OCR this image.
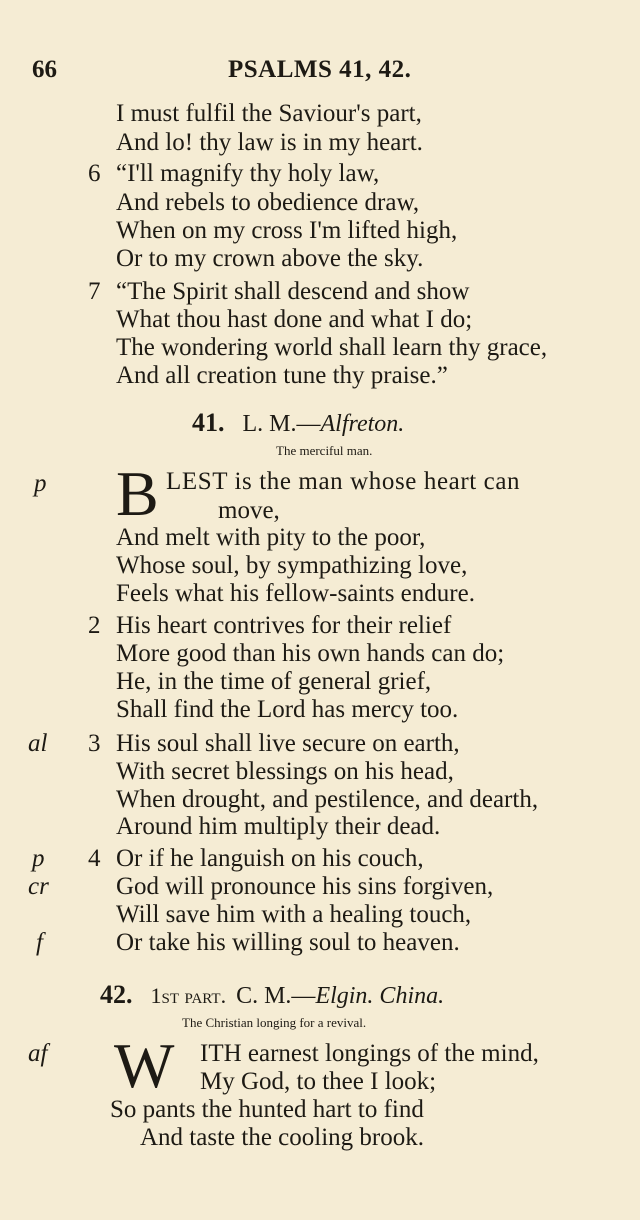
66	PSALMS 41, 42.
I must fulfil the Saviour's part,
And lo! thy law is in my heart.
6 “I'll magnify thy holy law,
And rebels to obedience draw,
When on my cross I'm lifted high,
Or to my crown above the sky.
7 “The Spirit shall descend and show
What thou hast done and what I do;
The wondering world shall learn thy grace,
And all creation tune thy praise.”
41. L. M.—Alfreton.
The merciful man.
p B LEST is the man whose heart can
move,
And melt with pity to the poor,
Whose soul, by sympathizing love,
Feels what his fellow-saints endure.
2 His heart contrives for their relief
More good than his own hands can do;
He, in the time of general grief,
Shall find the Lord has mercy too.
al 3 His soul shall live secure on earth,
With secret blessings on his head,
When drought, and pestilence, and dearth,
Around him multiply their dead.
p 4 Or if he languish on his couch,
cr	God will pronounce his sins forgiven,
Will save him with a healing touch,
f	Or take his willing soul to heaven.
42. 1st part. C. M.—Elgin. China.
The Christian longing for a revival.
af W ITH earnest longings of the mind,
My God, to thee I look;
So pants the hunted hart to find
And taste the cooling brook.
